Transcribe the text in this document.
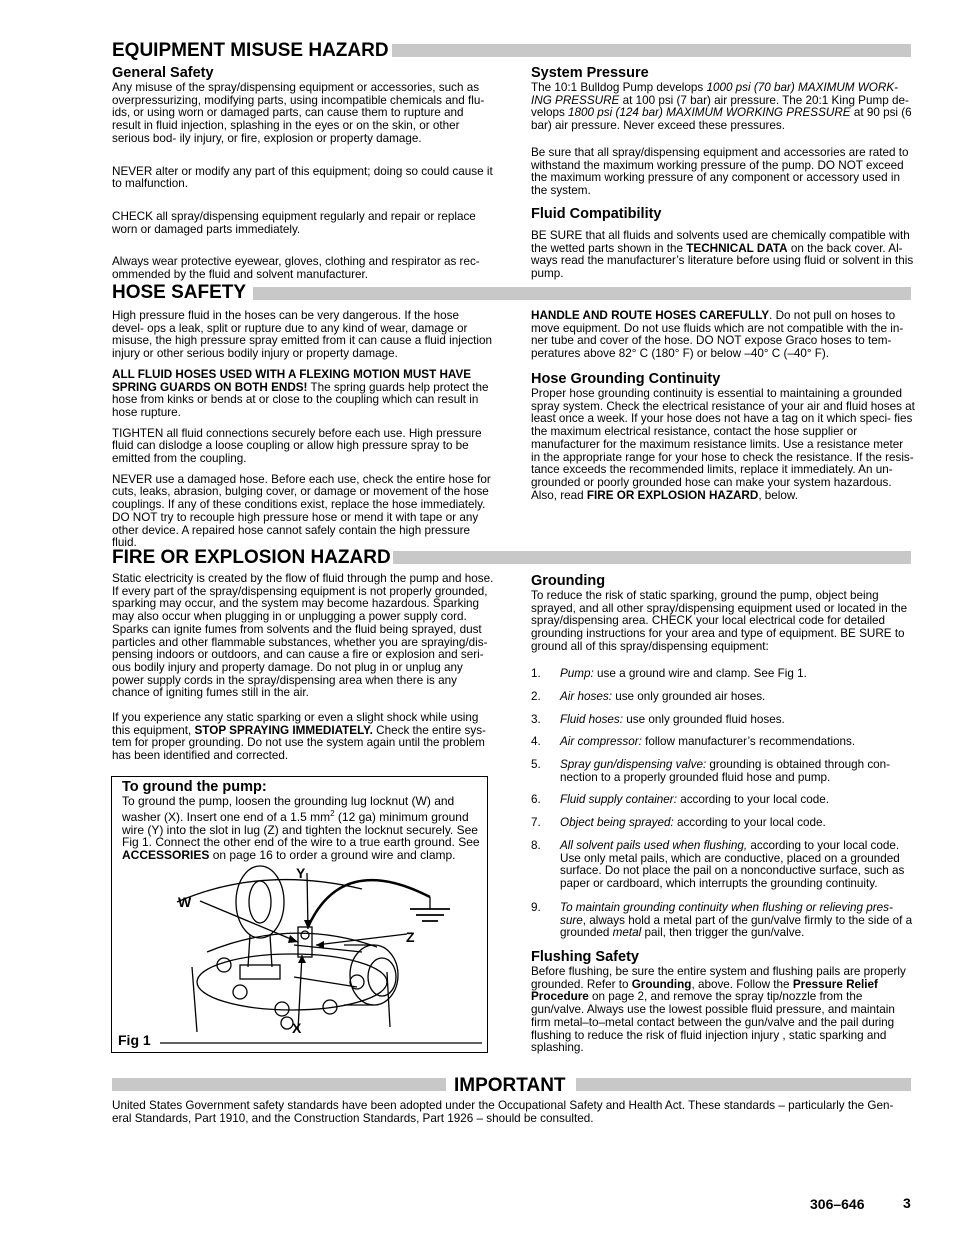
EQUIPMENT MISUSE HAZARD
General Safety

Any misuse of the spray/dispensing equipment or accessories, such as overpressurizing, modifying parts, using incompatible chemicals and flu- ids, or using worn or damaged parts, can cause them to rupture and result in fluid injection, splashing in the eyes or on the skin, or other serious bod- ily injury, or fire, explosion or property damage.

NEVER alter or modify any part of this equipment; doing so could cause it to malfunction.

CHECK all spray/dispensing equipment regularly and repair or replace worn or damaged parts immediately.

Always wear protective eyewear, gloves, clothing and respirator as rec- ommended by the fluid and solvent manufacturer.

System Pressure

The 10:1 Bulldog Pump develops 1000 psi (70 bar) MAXIMUM WORK- ING PRESSURE at 100 psi (7 bar) air pressure. The 20:1 King Pump de- velops 1800 psi (124 bar) MAXIMUM WORKING PRESSURE at 90 psi (6 bar) air pressure. Never exceed these pressures.

Be sure that all spray/dispensing equipment and accessories are rated to withstand the maximum working pressure of the pump. DO NOT exceed the maximum working pressure of any component or accessory used in the system.

Fluid Compatibility

BE SURE that all fluids and solvents used are chemically compatible with the wetted parts shown in the TECHNICAL DATA on the back cover. Al- ways read the manufacturer’s literature before using fluid or solvent in this pump.

HOSE SAFETY

High pressure fluid in the hoses can be very dangerous. If the hose devel- ops a leak, split or rupture due to any kind of wear, damage or misuse, the high pressure spray emitted from it can cause a fluid injection injury or other serious bodily injury or property damage.

ALL FLUID HOSES USED WITH A FLEXING MOTION MUST HAVE SPRING GUARDS ON BOTH ENDS! The spring guards help protect the hose from kinks or bends at or close to the coupling which can result in hose rupture.

TIGHTEN all fluid connections securely before each use. High pressure fluid can dislodge a loose coupling or allow high pressure spray to be emitted from the coupling.

NEVER use a damaged hose. Before each use, check the entire hose for cuts, leaks, abrasion, bulging cover, or damage or movement of the hose couplings. If any of these conditions exist, replace the hose immediately. DO NOT try to recouple high pressure hose or mend it with tape or any other device. A repaired hose cannot safely contain the high pressure fluid.

HANDLE AND ROUTE HOSES CAREFULLY. Do not pull on hoses to move equipment. Do not use fluids which are not compatible with the in- ner tube and cover of the hose. DO NOT expose Graco hoses to tem- peratures above 82° C (180° F) or below –40° C (–40° F).

Hose Grounding Continuity

Proper hose grounding continuity is essential to maintaining a grounded spray system. Check the electrical resistance of your air and fluid hoses at least once a week. If your hose does not have a tag on it which speci- fies the maximum electrical resistance, contact the hose supplier or manufacturer for the maximum resistance limits. Use a resistance meter in the appropriate range for your hose to check the resistance. If the resis- tance exceeds the recommended limits, replace it immediately. An un- grounded or poorly grounded hose can make your system hazardous. Also, read FIRE OR EXPLOSION HAZARD, below.

FIRE OR EXPLOSION HAZARD

Static electricity is created by the flow of fluid through the pump and hose. If every part of the spray/dispensing equipment is not properly grounded, sparking may occur, and the system may become hazardous. Sparking may also occur when plugging in or unplugging a power supply cord. Sparks can ignite fumes from solvents and the fluid being sprayed, dust particles and other flammable substances, whether you are spraying/dis- pensing indoors or outdoors, and can cause a fire or explosion and seri- ous bodily injury and property damage. Do not plug in or unplug any power supply cords in the spray/dispensing area when there is any chance of igniting fumes still in the air.

If you experience any static sparking or even a slight shock while using this equipment, STOP SPRAYING IMMEDIATELY. Check the entire sys- tem for proper grounding. Do not use the system again until the problem has been identified and corrected.

To ground the pump:

To ground the pump, loosen the grounding lug locknut (W) and washer (X). Insert one end of a 1.5 $mm^2$ (12 ga) minimum ground wire (Y) into the slot in lug (Z) and tighten the locknut securely. See Fig 1. Connect the other end of the wire to a true earth ground. See ACCESSORIES on page 16 to order a ground wire and clamp.

W
Y
Z
X
Fig 1
Grounding

To reduce the risk of static sparking, ground the pump, object being sprayed, and all other spray/dispensing equipment used or located in the spray/dispensing area. CHECK your local electrical code for detailed grounding instructions for your area and type of equipment. BE SURE to ground all of this spray/dispensing equipment:

1.	Pump: use a ground wire and clamp. See Fig 1.
2.	Air hoses: use only grounded air hoses.
3.	Fluid hoses: use only grounded fluid hoses.
4.	Air compressor: follow manufacturer’s recommendations.
5.	Spray gun/dispensing valve: grounding is obtained through con- nection to a properly grounded fluid hose and pump.
6.	Fluid supply container: according to your local code.
7.	Object being sprayed: according to your local code.
8.	All solvent pails used when flushing, according to your local code. Use only metal pails, which are conductive, placed on a grounded surface. Do not place the pail on a nonconductive surface, such as paper or cardboard, which interrupts the grounding continuity.
9.	To maintain grounding continuity when flushing or relieving pres- sure, always hold a metal part of the gun/valve firmly to the side of a grounded metal pail, then trigger the gun/valve.
Flushing Safety

Before flushing, be sure the entire system and flushing pails are properly grounded. Refer to Grounding, above. Follow the Pressure Relief Procedure on page 2, and remove the spray tip/nozzle from the gun/valve. Always use the lowest possible fluid pressure, and maintain firm metal–to–metal contact between the gun/valve and the pail during flushing to reduce the risk of fluid injection injury , static sparking and splashing.

IMPORTANT

United States Government safety standards have been adopted under the Occupational Safety and Health Act. These standards – particularly the Gen- eral Standards, Part 1910, and the Construction Standards, Part 1926 – should be consulted.

306–646	3
